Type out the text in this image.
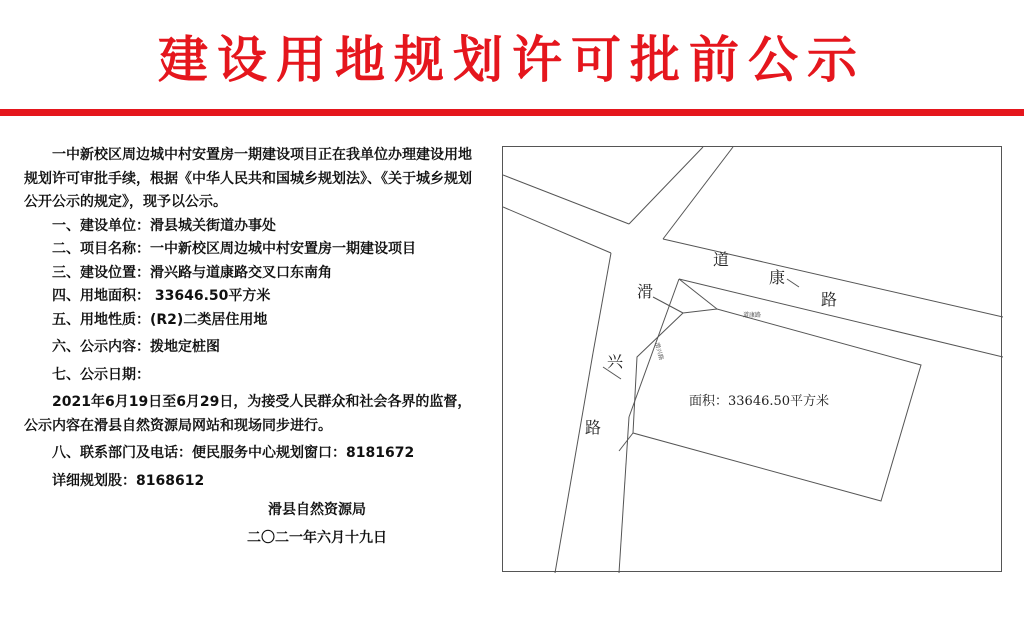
建设用地规划许可批前公示

一中新校区周边城中村安置房一期建设项目正在我单位办理建设用地规划许可审批手续，根据《中华人民共和国城乡规划法》、《关于城乡规划公开公示的规定》，现予以公示。

一、建设单位：滑县城关街道办事处

二、项目名称：一中新校区周边城中村安置房一期建设项目

三、建设位置：滑兴路与道康路交叉口东南角

四、用地面积： 33646.50平方米

五、用地性质：(R2)二类居住用地

六、公示内容：拨地定桩图

七、公示日期：

2021年6月19日至6月29日，为接受人民群众和社会各界的监督，公示内容在滑县自然资源局网站和现场同步进行。

八、联系部门及电话：便民服务中心规划窗口：8181672

详细规划股：8168612

滑县自然资源局

二〇二一年六月十九日

道
康
路
滑
兴
路
道康路
滑兴路
面积：33646.50平方米
